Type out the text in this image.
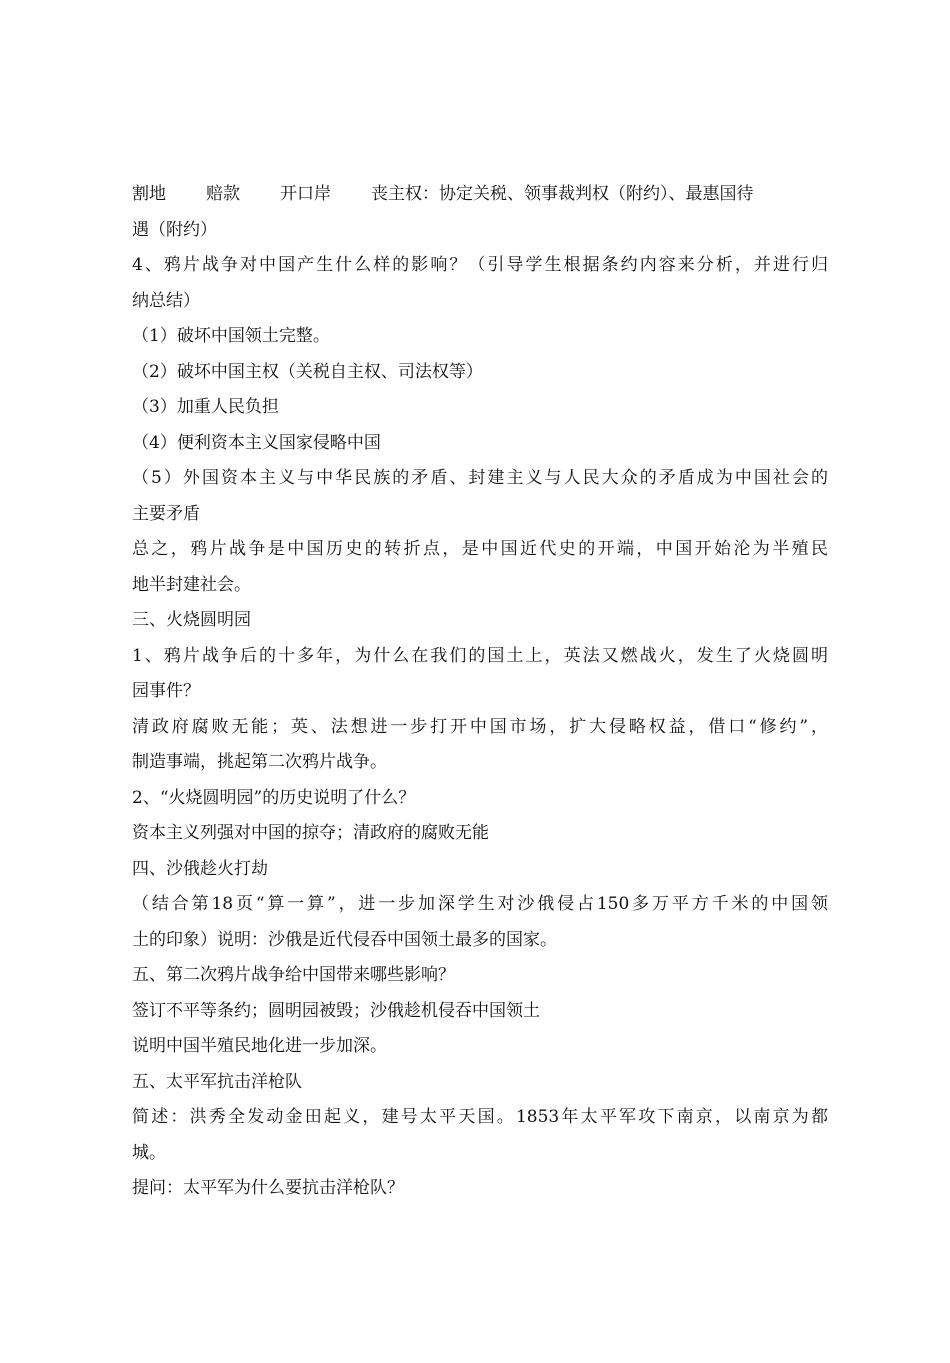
割地 赔款 开口岸 丧主权：协定关税、领事裁判权（附约）、最惠国待
遇（附约）
4、鸦片战争对中国产生什么样的影响？（引导学生根据条约内容来分析，并进行归
纳总结）
（1）破坏中国领土完整。
（2）破坏中国主权（关税自主权、司法权等）
（3）加重人民负担
（4）便利资本主义国家侵略中国
（5）外国资本主义与中华民族的矛盾、封建主义与人民大众的矛盾成为中国社会的
主要矛盾
总之，鸦片战争是中国历史的转折点，是中国近代史的开端，中国开始沦为半殖民
地半封建社会。
三、火烧圆明园
1、鸦片战争后的十多年，为什么在我们的国土上，英法又燃战火，发生了火烧圆明
园事件？
清政府腐败无能；英、法想进一步打开中国市场，扩大侵略权益，借口“修约”，
制造事端，挑起第二次鸦片战争。
2、“火烧圆明园”的历史说明了什么？
资本主义列强对中国的掠夺；清政府的腐败无能
四、沙俄趁火打劫
（结合第18页“算一算”，进一步加深学生对沙俄侵占150多万平方千米的中国领
土的印象）说明：沙俄是近代侵吞中国领土最多的国家。
五、第二次鸦片战争给中国带来哪些影响？
签订不平等条约；圆明园被毁；沙俄趁机侵吞中国领土
说明中国半殖民地化进一步加深。
五、太平军抗击洋枪队
简述：洪秀全发动金田起义，建号太平天国。1853年太平军攻下南京，以南京为都
城。
提问：太平军为什么要抗击洋枪队？
